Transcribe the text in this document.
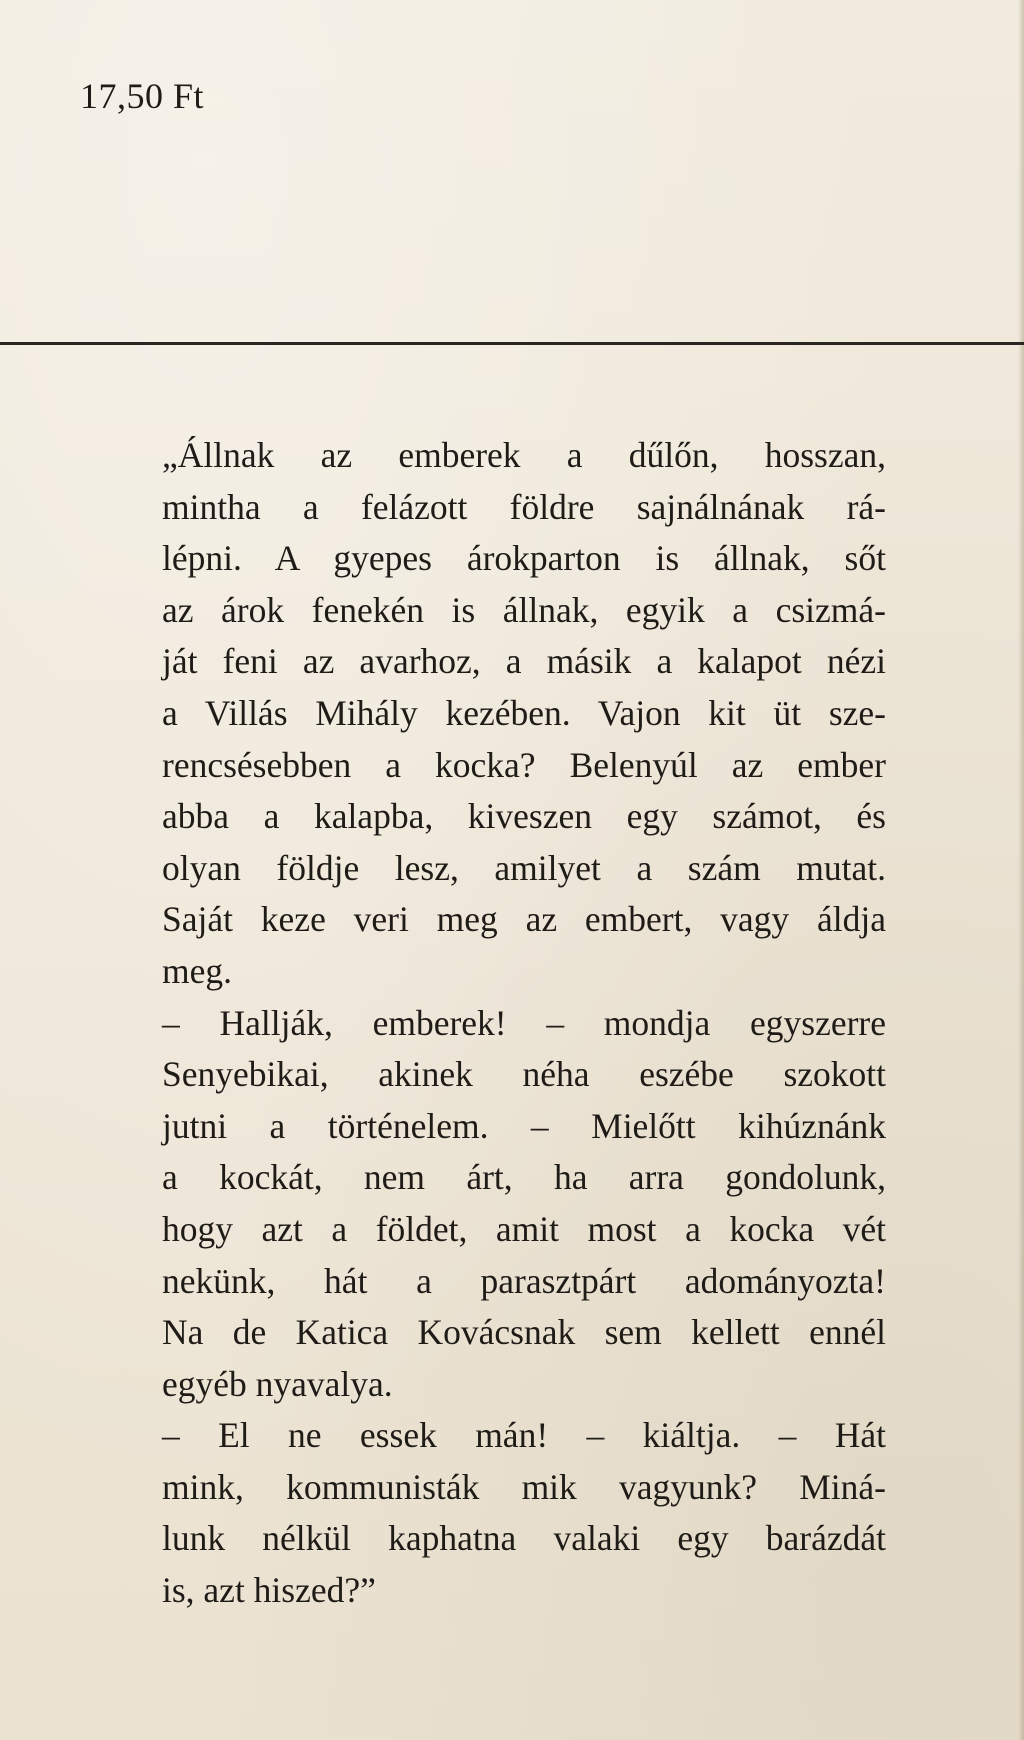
17,50 Ft

„Állnak az emberek a dűlőn, hosszan,
mintha a felázott földre sajnálnának rá-
lépni. A gyepes árokparton is állnak, sőt
az árok fenekén is állnak, egyik a csizmá-
ját feni az avarhoz, a másik a kalapot nézi
a Villás Mihály kezében. Vajon kit üt sze-
rencsésebben a kocka? Belenyúl az ember
abba a kalapba, kiveszen egy számot, és
olyan földje lesz, amilyet a szám mutat.
Saját keze veri meg az embert, vagy áldja
meg.
– Hallják, emberek! – mondja egyszerre
Senyebikai, akinek néha eszébe szokott
jutni a történelem. – Mielőtt kihúznánk
a kockát, nem árt, ha arra gondolunk,
hogy azt a földet, amit most a kocka vét
nekünk, hát a parasztpárt adományozta!
Na de Katica Kovácsnak sem kellett ennél
egyéb nyavalya.
– El ne essek mán! – kiáltja. – Hát
mink, kommunisták mik vagyunk? Miná-
lunk nélkül kaphatna valaki egy barázdát
is, azt hiszed?”
